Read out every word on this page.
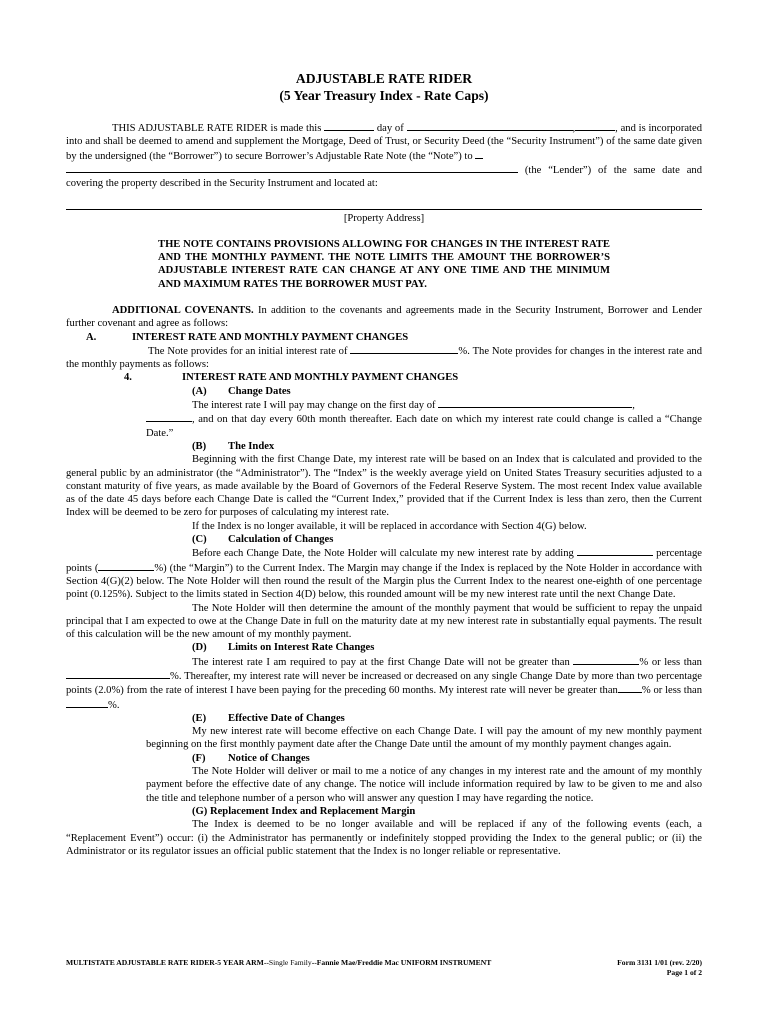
ADJUSTABLE RATE RIDER
(5 Year Treasury Index - Rate Caps)
THIS ADJUSTABLE RATE RIDER is made this	day of	,	, and is incorporated into and shall be deemed to amend and supplement the Mortgage, Deed of Trust, or Security Deed (the “Security Instrument”) of the same date given by the undersigned (the “Borrower”) to secure Borrower’s Adjustable Rate Note (the “Note”) to
(the “Lender”) of the same date and covering the property described in the Security Instrument and located at:
[Property Address]
THE NOTE CONTAINS PROVISIONS ALLOWING FOR CHANGES IN THE INTEREST RATE AND THE MONTHLY PAYMENT. THE NOTE LIMITS THE AMOUNT THE BORROWER’S ADJUSTABLE INTEREST RATE CAN CHANGE AT ANY ONE TIME AND THE MINIMUM AND MAXIMUM RATES THE BORROWER MUST PAY.
ADDITIONAL COVENANTS. In addition to the covenants and agreements made in the Security Instrument, Borrower and Lender further covenant and agree as follows:
A.	INTEREST RATE AND MONTHLY PAYMENT CHANGES
The Note provides for an initial interest rate of	%. The Note provides for changes in the interest rate and the monthly payments as follows:
4.	INTEREST RATE AND MONTHLY PAYMENT CHANGES
(A) Change Dates
The interest rate I will pay may change on the first day of	,
, and on that day every 60th month thereafter. Each date on which my interest rate could change is called a “Change Date.”
(B) The Index
Beginning with the first Change Date, my interest rate will be based on an Index that is calculated and provided to the general public by an administrator (the “Administrator”). The “Index” is the weekly average yield on United States Treasury securities adjusted to a constant maturity of five years, as made available by the Board of Governors of the Federal Reserve System. The most recent Index value available as of the date 45 days before each Change Date is called the “Current Index,” provided that if the Current Index is less than zero, then the Current Index will be deemed to be zero for purposes of calculating my interest rate.
If the Index is no longer available, it will be replaced in accordance with Section 4(G) below.
(C) Calculation of Changes
Before each Change Date, the Note Holder will calculate my new interest rate by adding	percentage points (	%) (the “Margin”) to the Current Index. The Margin may change if the Index is replaced by the Note Holder in accordance with Section 4(G)(2) below. The Note Holder will then round the result of the Margin plus the Current Index to the nearest one-eighth of one percentage point (0.125%). Subject to the limits stated in Section 4(D) below, this rounded amount will be my new interest rate until the next Change Date.
The Note Holder will then determine the amount of the monthly payment that would be sufficient to repay the unpaid principal that I am expected to owe at the Change Date in full on the maturity date at my new interest rate in substantially equal payments. The result of this calculation will be the new amount of my monthly payment.
(D) Limits on Interest Rate Changes
The interest rate I am required to pay at the first Change Date will not be greater than	% or less than %. Thereafter, my interest rate will never be increased or decreased on any single Change Date by more than two percentage points (2.0%) from the rate of interest I have been paying for the preceding 60 months. My interest rate will never be greater than % or less than %.
(E) Effective Date of Changes
My new interest rate will become effective on each Change Date. I will pay the amount of my new monthly payment beginning on the first monthly payment date after the Change Date until the amount of my monthly payment changes again.
(F) Notice of Changes
The Note Holder will deliver or mail to me a notice of any changes in my interest rate and the amount of my monthly payment before the effective date of any change. The notice will include information required by law to be given to me and also the title and telephone number of a person who will answer any question I may have regarding the notice.
(G) Replacement Index and Replacement Margin
The Index is deemed to be no longer available and will be replaced if any of the following events (each, a “Replacement Event”) occur: (i) the Administrator has permanently or indefinitely stopped providing the Index to the general public; or (ii) the Administrator or its regulator issues an official public statement that the Index is no longer reliable or representative.
MULTISTATE ADJUSTABLE RATE RIDER-5 YEAR ARM--Single Family--Fannie Mae/Freddie Mac UNIFORM INSTRUMENT	Form 3131 1/01 (rev. 2/20)
Page 1 of 2
